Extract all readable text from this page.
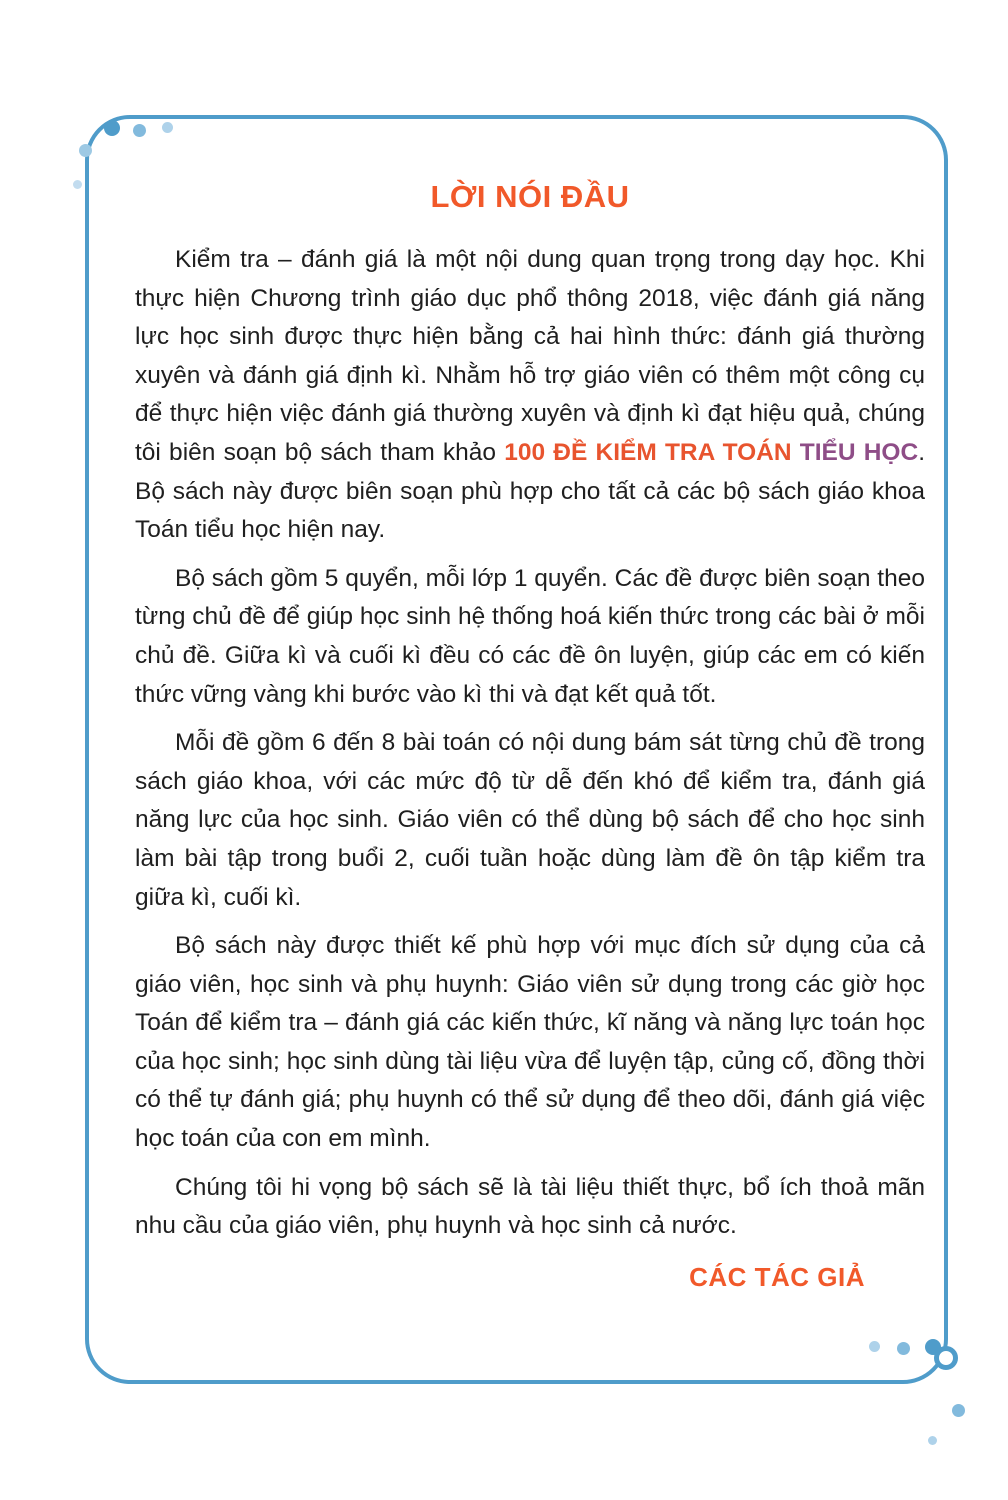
LỜI NÓI ĐẦU

Kiểm tra – đánh giá là một nội dung quan trọng trong dạy học. Khi thực hiện Chương trình giáo dục phổ thông 2018, việc đánh giá năng lực học sinh được thực hiện bằng cả hai hình thức: đánh giá thường xuyên và đánh giá định kì. Nhằm hỗ trợ giáo viên có thêm một công cụ để thực hiện việc đánh giá thường xuyên và định kì đạt hiệu quả, chúng tôi biên soạn bộ sách tham khảo 100 ĐỀ KIỂM TRA TOÁN TIỂU HỌC. Bộ sách này được biên soạn phù hợp cho tất cả các bộ sách giáo khoa Toán tiểu học hiện nay.

Bộ sách gồm 5 quyển, mỗi lớp 1 quyển. Các đề được biên soạn theo từng chủ đề để giúp học sinh hệ thống hoá kiến thức trong các bài ở mỗi chủ đề. Giữa kì và cuối kì đều có các đề ôn luyện, giúp các em có kiến thức vững vàng khi bước vào kì thi và đạt kết quả tốt.

Mỗi đề gồm 6 đến 8 bài toán có nội dung bám sát từng chủ đề trong sách giáo khoa, với các mức độ từ dễ đến khó để kiểm tra, đánh giá năng lực của học sinh. Giáo viên có thể dùng bộ sách để cho học sinh làm bài tập trong buổi 2, cuối tuần hoặc dùng làm đề ôn tập kiểm tra giữa kì, cuối kì.

Bộ sách này được thiết kế phù hợp với mục đích sử dụng của cả giáo viên, học sinh và phụ huynh: Giáo viên sử dụng trong các giờ học Toán để kiểm tra – đánh giá các kiến thức, kĩ năng và năng lực toán học của học sinh; học sinh dùng tài liệu vừa để luyện tập, củng cố, đồng thời có thể tự đánh giá; phụ huynh có thể sử dụng để theo dõi, đánh giá việc học toán của con em mình.

Chúng tôi hi vọng bộ sách sẽ là tài liệu thiết thực, bổ ích thoả mãn nhu cầu của giáo viên, phụ huynh và học sinh cả nước.

CÁC TÁC GIẢ
